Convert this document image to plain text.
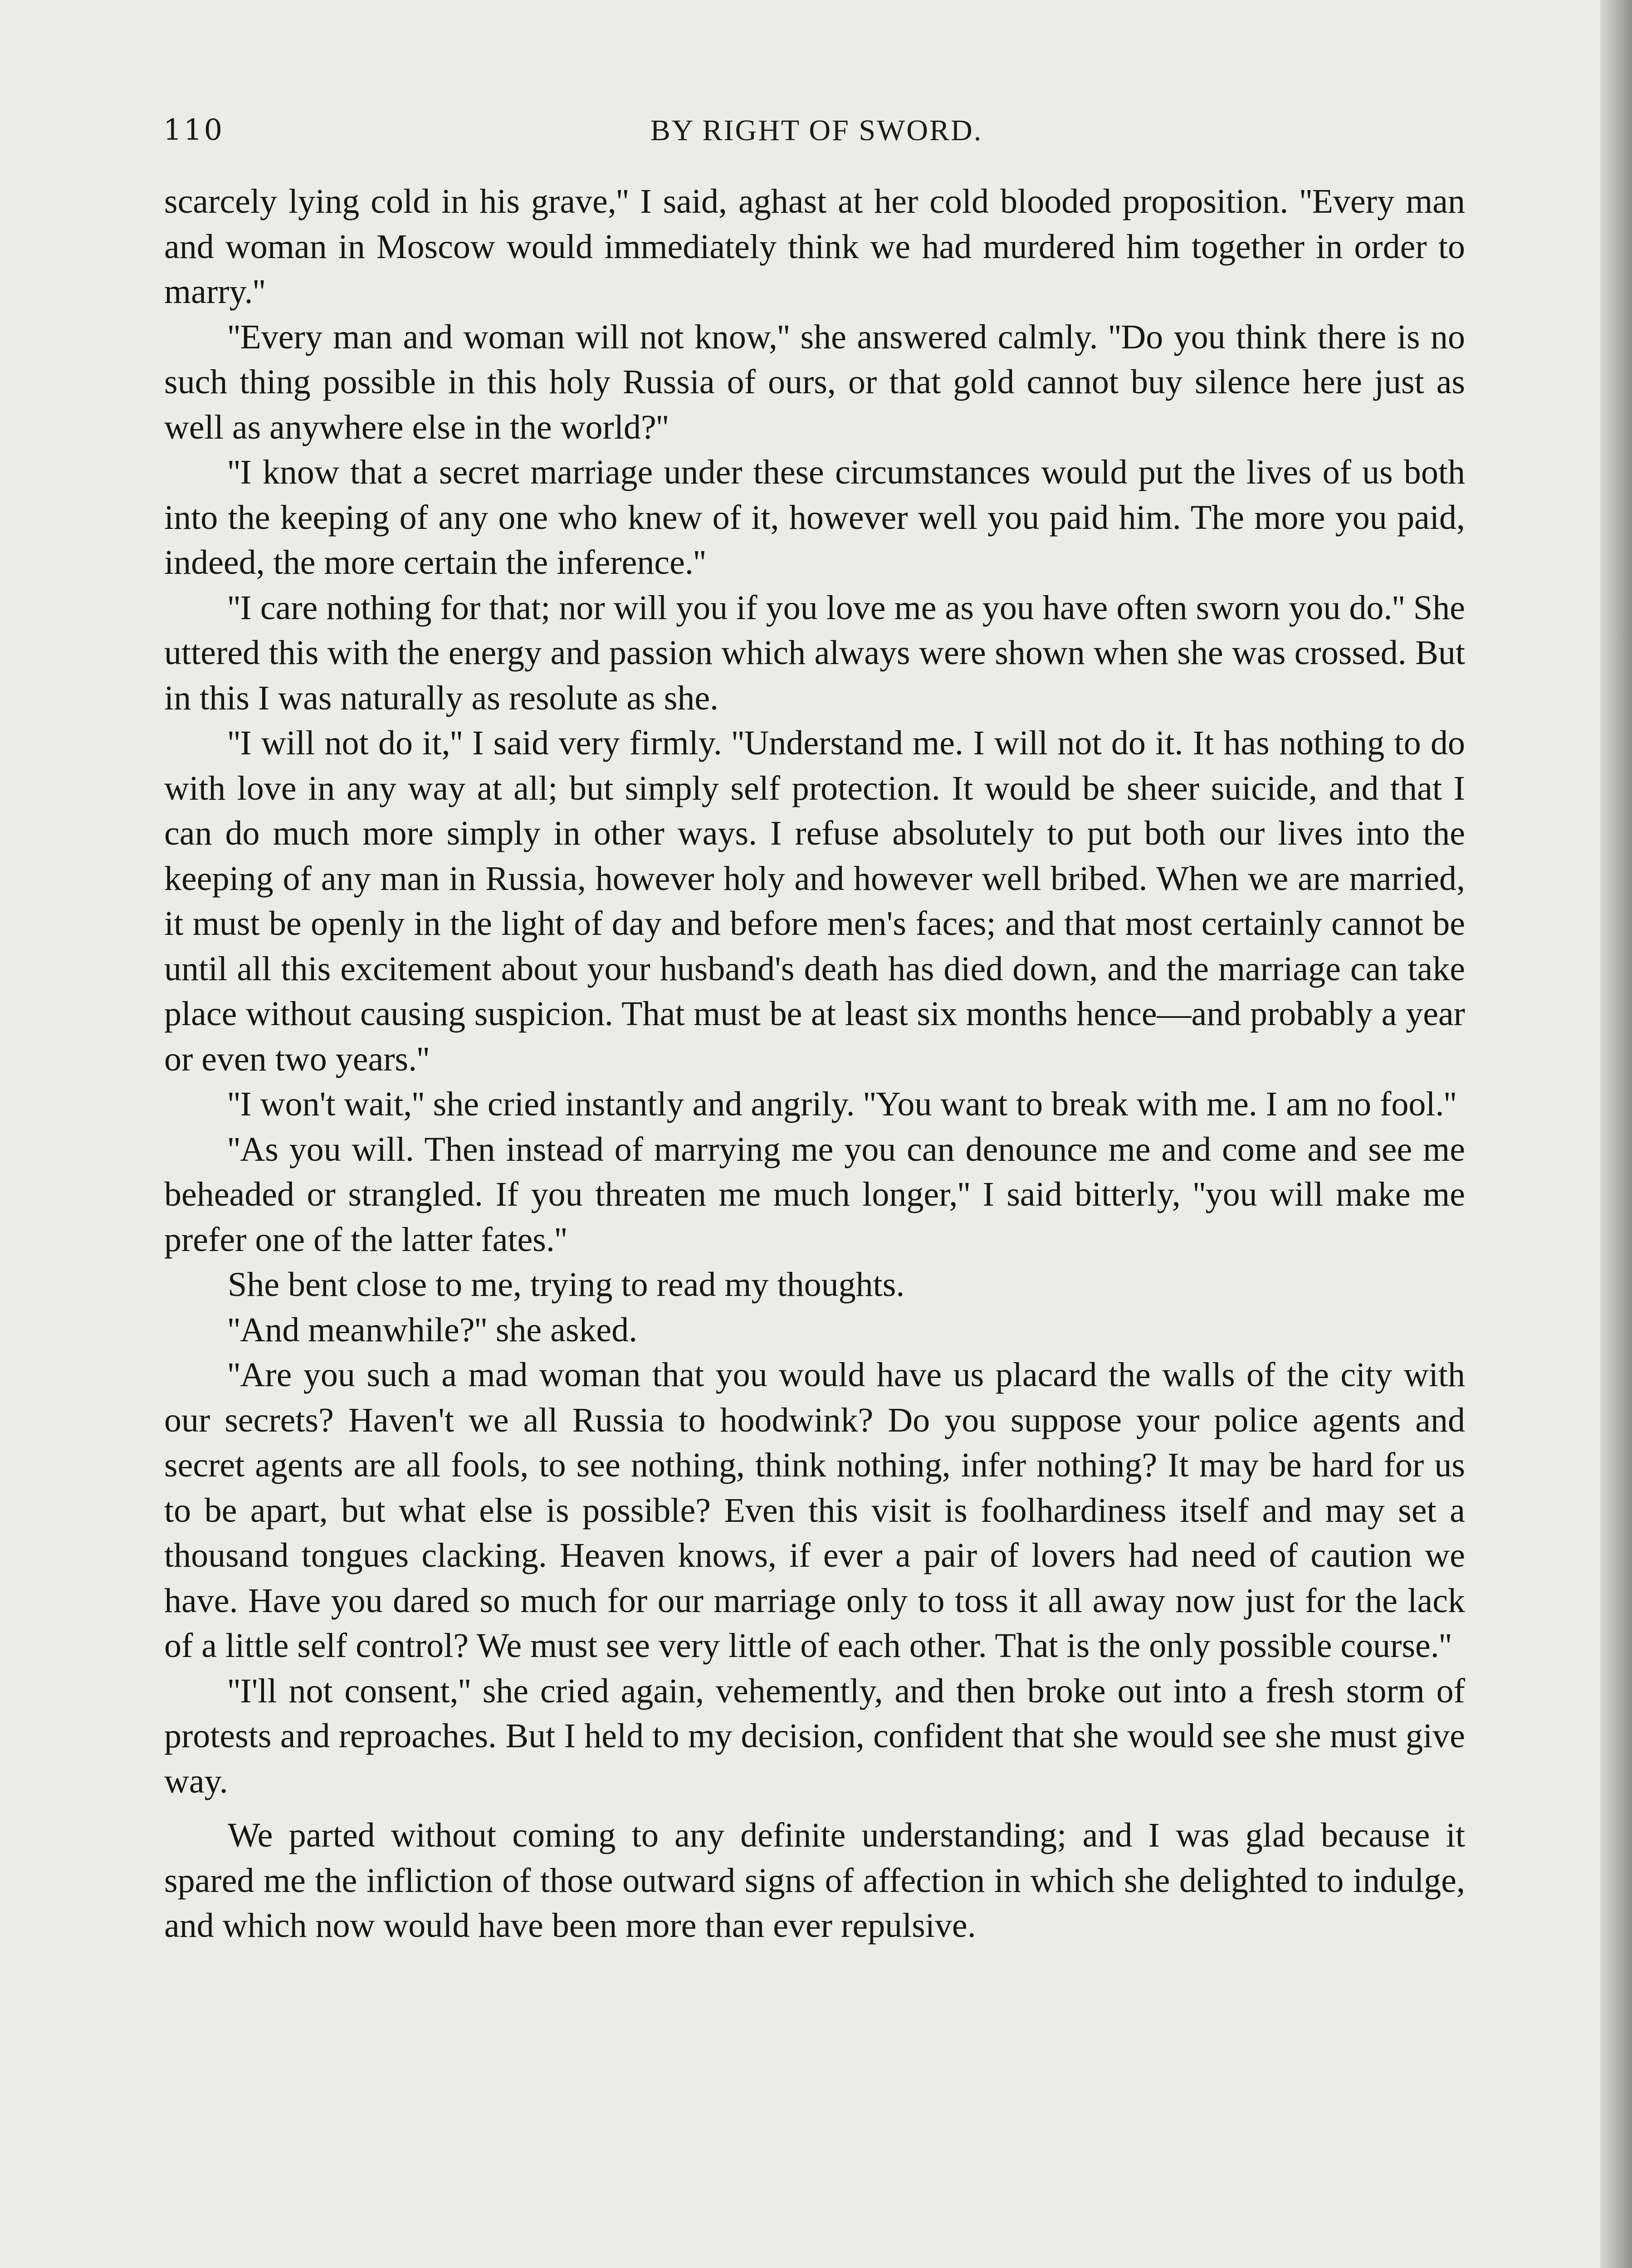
BY RIGHT OF SWORD.
110

scarcely lying cold in his grave,'' I said, aghast at her cold blooded proposition. ''Every man and woman in Moscow would immediately think we had murdered him together in order to marry.''

''Every man and woman will not know,'' she answered calmly. ''Do you think there is no such thing possible in this holy Russia of ours, or that gold cannot buy silence here just as well as anywhere else in the world?''

''I know that a secret marriage under these circumstances would put the lives of us both into the keeping of any one who knew of it, however well you paid him. The more you paid, indeed, the more certain the inference.''

''I care nothing for that; nor will you if you love me as you have often sworn you do.'' She uttered this with the energy and passion which always were shown when she was crossed. But in this I was naturally as resolute as she.

''I will not do it,'' I said very firmly. ''Understand me. I will not do it. It has nothing to do with love in any way at all; but simply self protection. It would be sheer suicide, and that I can do much more simply in other ways. I refuse absolutely to put both our lives into the keeping of any man in Russia, however holy and however well bribed. When we are married, it must be openly in the light of day and before men's faces; and that most certainly cannot be until all this excitement about your husband's death has died down, and the marriage can take place without causing suspicion. That must be at least six months hence—and probably a year or even two years.''

''I won't wait,'' she cried instantly and angrily. ''You want to break with me. I am no fool.''

''As you will. Then instead of marrying me you can denounce me and come and see me beheaded or strangled. If you threaten me much longer,'' I said bitterly, ''you will make me prefer one of the latter fates.''

She bent close to me, trying to read my thoughts.

''And meanwhile?'' she asked.

''Are you such a mad woman that you would have us placard the walls of the city with our secrets? Haven't we all Russia to hoodwink? Do you suppose your police agents and secret agents are all fools, to see nothing, think nothing, infer nothing? It may be hard for us to be apart, but what else is possible? Even this visit is foolhardiness itself and may set a thousand tongues clacking. Heaven knows, if ever a pair of lovers had need of caution we have. Have you dared so much for our marriage only to toss it all away now just for the lack of a little self control? We must see very little of each other. That is the only possible course.''

''I'll not consent,'' she cried again, vehemently, and then broke out into a fresh storm of protests and reproaches. But I held to my decision, confident that she would see she must give way.

We parted without coming to any definite understanding; and I was glad because it spared me the infliction of those outward signs of affection in which she delighted to indulge, and which now would have been more than ever repulsive.
